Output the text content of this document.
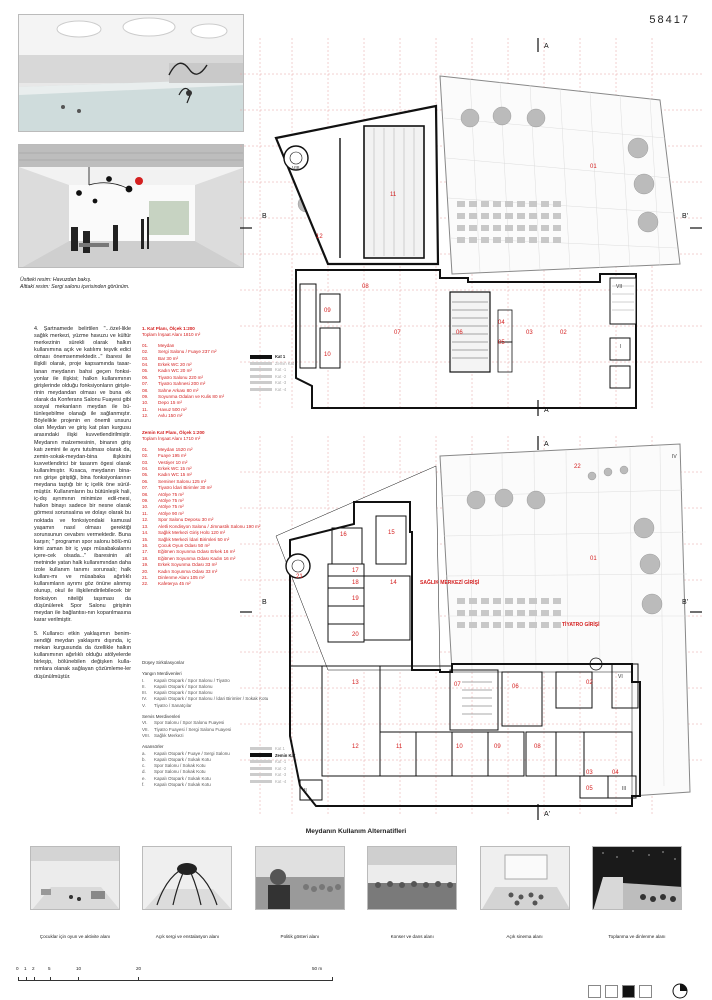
58417
Üstteki resim: Havuzdan bakış.
Alttaki resim: Sergi salonu içerisinden görünüm.

4. Şartnamede belirtilen "...özel-likle sağlık merkezi, yüzme havuzu ve kültür merkezinin sürekli olarak halkın kullanımına açık ve katılımı teşvik edici olması önemsenmektedir..." ibaresi ile ilişkili olarak, proje kapsamında tasar-lanan meydanın bahsi geçen fonksi-yonlar ile ilişkisi; halkın kullanımının girişlerinde olduğu fonksiyonların girişle-rinin meydandan olması ve buna ek olarak da Konferans Salonu Fuayesi gibi sosyal mekanların meydan ile bü-tünleşebilme olanağı ile sağlanmıştır. Böylelikle projenin en önemli unsuru olan Meydan ve giriş kat plan kurgusu arasındaki ilişki kuvvetlendirilmiştir. Meydanın malzemesinin, binanın giriş katı zemini ile aynı tutulması olarak da, zemin-sokak-meydan-bina ilişkisini kuvvetlendirici bir tasarım ögesi olarak kullanılmıştır. Kısaca, meydanın bina-nın girişe giriştiği, bina fonksiyonlarının meydana taştığı bir iç içelik öne sürül-müştür. Kullanımların bu bütünleşik hali, iç-dış ayrımının minimize edil-mesi, halkın binayı sadece bir nesne olarak görmesi sorunsalına ve dolayı olarak bu noktada ve fonksiyondaki kamusal yaşamın nasıl olması gerektiği sorunsunun cevabını vermektedir. Buna karşın; " programın spor salonu bölü-mü kimi zaman bir iç yapı müsabakalarını içere-cek olsada..." ibaresinin alt metninde yatan halk kullanımından daha izole kullanım tanımı sorunsalı; halk kullanı-mı ve müsabaka ağırlıklı kullanımların ayrımı göz önüne alınmış olunup, okul ile ilişkilendirilebilecek bir fonksiyon niteliği taşıması da düşünülerek Spor Salonu girişinin meydan ile bağlantısı-nın koparılmasına karar verilmiştir.

5. Kullanıcı etkin yaklaşımın benim-sendiği meydan yaklaşımı dışında, iç mekan kurgusunda da özellikle halkın kullanımının ağırlıklı olduğu atölyelerde birleşip, bölünebilen değişken kulla-nımlara olanak sağlayan çözümleme-ler düşünülmüştür.

1. Kat Planı, Ölçek 1:200
Toplam İnşaat Alanı 1810 m²
01.	Meydan
02.	Sergi Salonu / Fuaye 237 m²
03.	Bar 30 m²
04.	Erkek WC 20 m²
05.	Kadın WC 20 m²
06.	Tiyatro Salonu 220 m²
07.	Tiyatro Sahnesi 200 m²
08.	Sahne Arkası 80 m²
09.	Soyunma Odaları ve Kulis 80 m²
10.	Depo 15 m²
11.	Havuz 500 m²
12.	Avlu 150 m²
Zemin Kat Planı, Ölçek 1:200
Toplam İnşaat Alanı 1710 m²
01.	Meydan 1520 m²
02.	Fuaye 195 m²
03.	Vestiyer 10 m²
04.	Erkek WC 15 m²
05.	Kadın WC 15 m²
06.	Seminer Salonu 125 m²
07.	Tiyatro İdari Birimler 30 m²
08.	Atölye 75 m²
09.	Atölye 75 m²
10.	Atölye 75 m²
11.	Atölye 90 m²
12.	Spor Salonu Deposu 30 m²
13.	Aletli Kondisyon Salonu / Jimnastik Salonu 190 m²
14.	Sağlık Merkezi Giriş Holü 120 m²
15.	Sağlık Merkezi İdari Birimleri 50 m²
16.	Çocuk Oyun Odası 50 m²
17.	Eğitmen Soyunma Odası Erkek 16 m²
18.	Eğitmen Soyunma Odası Kadın 16 m²
19.	Erkek Soyunma Odası 33 m²
20.	Kadın Soyunma Odası 33 m²
21.	Dinlenme Alanı 105 m²
22.	Kafeterya 45 m²
Düşey Sirkülasyonlar
Yangın Merdivenleri
I.	Kapalı Otopark / Spor Salonu / Tiyatro
II.	Kapalı Otopark / Spor Salonu
III.	Kapalı Otopark / Spor Salonu
IV.	Kapalı Otopark / Spor Salonu / İdari Birimler / Sokak Kotu
V.	Tiyatro / Sanatçılar
Servis Merdivenleri
VI.	Spor Salonu / Spor Salonu Fuayesi
VII.	Tiyatro Fuayesi / Sergi Salonu Fuayesi
VIII. Sağlık Merkezi
Asansörler
a.	Kapalı Otopark / Fuaye / Sergi Salonu
b.	Kapalı Otopark / Sokak Kotu
c.	Spor Salonu / Sokak Kotu
d.	Spor Salonu / Sokak Kotu
e.	Kapalı Otopark / Sokak Kotu
f.	Kapalı Otopark / Sokak Kotu
01
02
03
04
05
06
07
08
09
10
11
12
VIII
VII
I
A
A'
B	B'
Kat 1
Zemin Kat
Kat -1
Kat -2
Kat -3
Kat -4
01
02
03	04
05
06
07
08
09
10
11
12
13
14
15
16
17
18
19
20
21
22
SAĞLIK MERKEZİ GİRİŞİ
TİYATRO GİRİŞİ
IV
VI
II	III
A
A'
B	B'
Kat 1
Zemin Kat
Kat -1
Kat -2
Kat -3
Kat -4
Meydanın Kullanım Alternatifleri
Çocuklar için oyun ve aktivite alanı	Açık sergi ve enstalasyon alanı	Politik gösteri alanı	Konser ve dans alanı	Açık sinema alanı	Toplanma ve dinlenme alanı
0 1 2	5	10	20	50 m
